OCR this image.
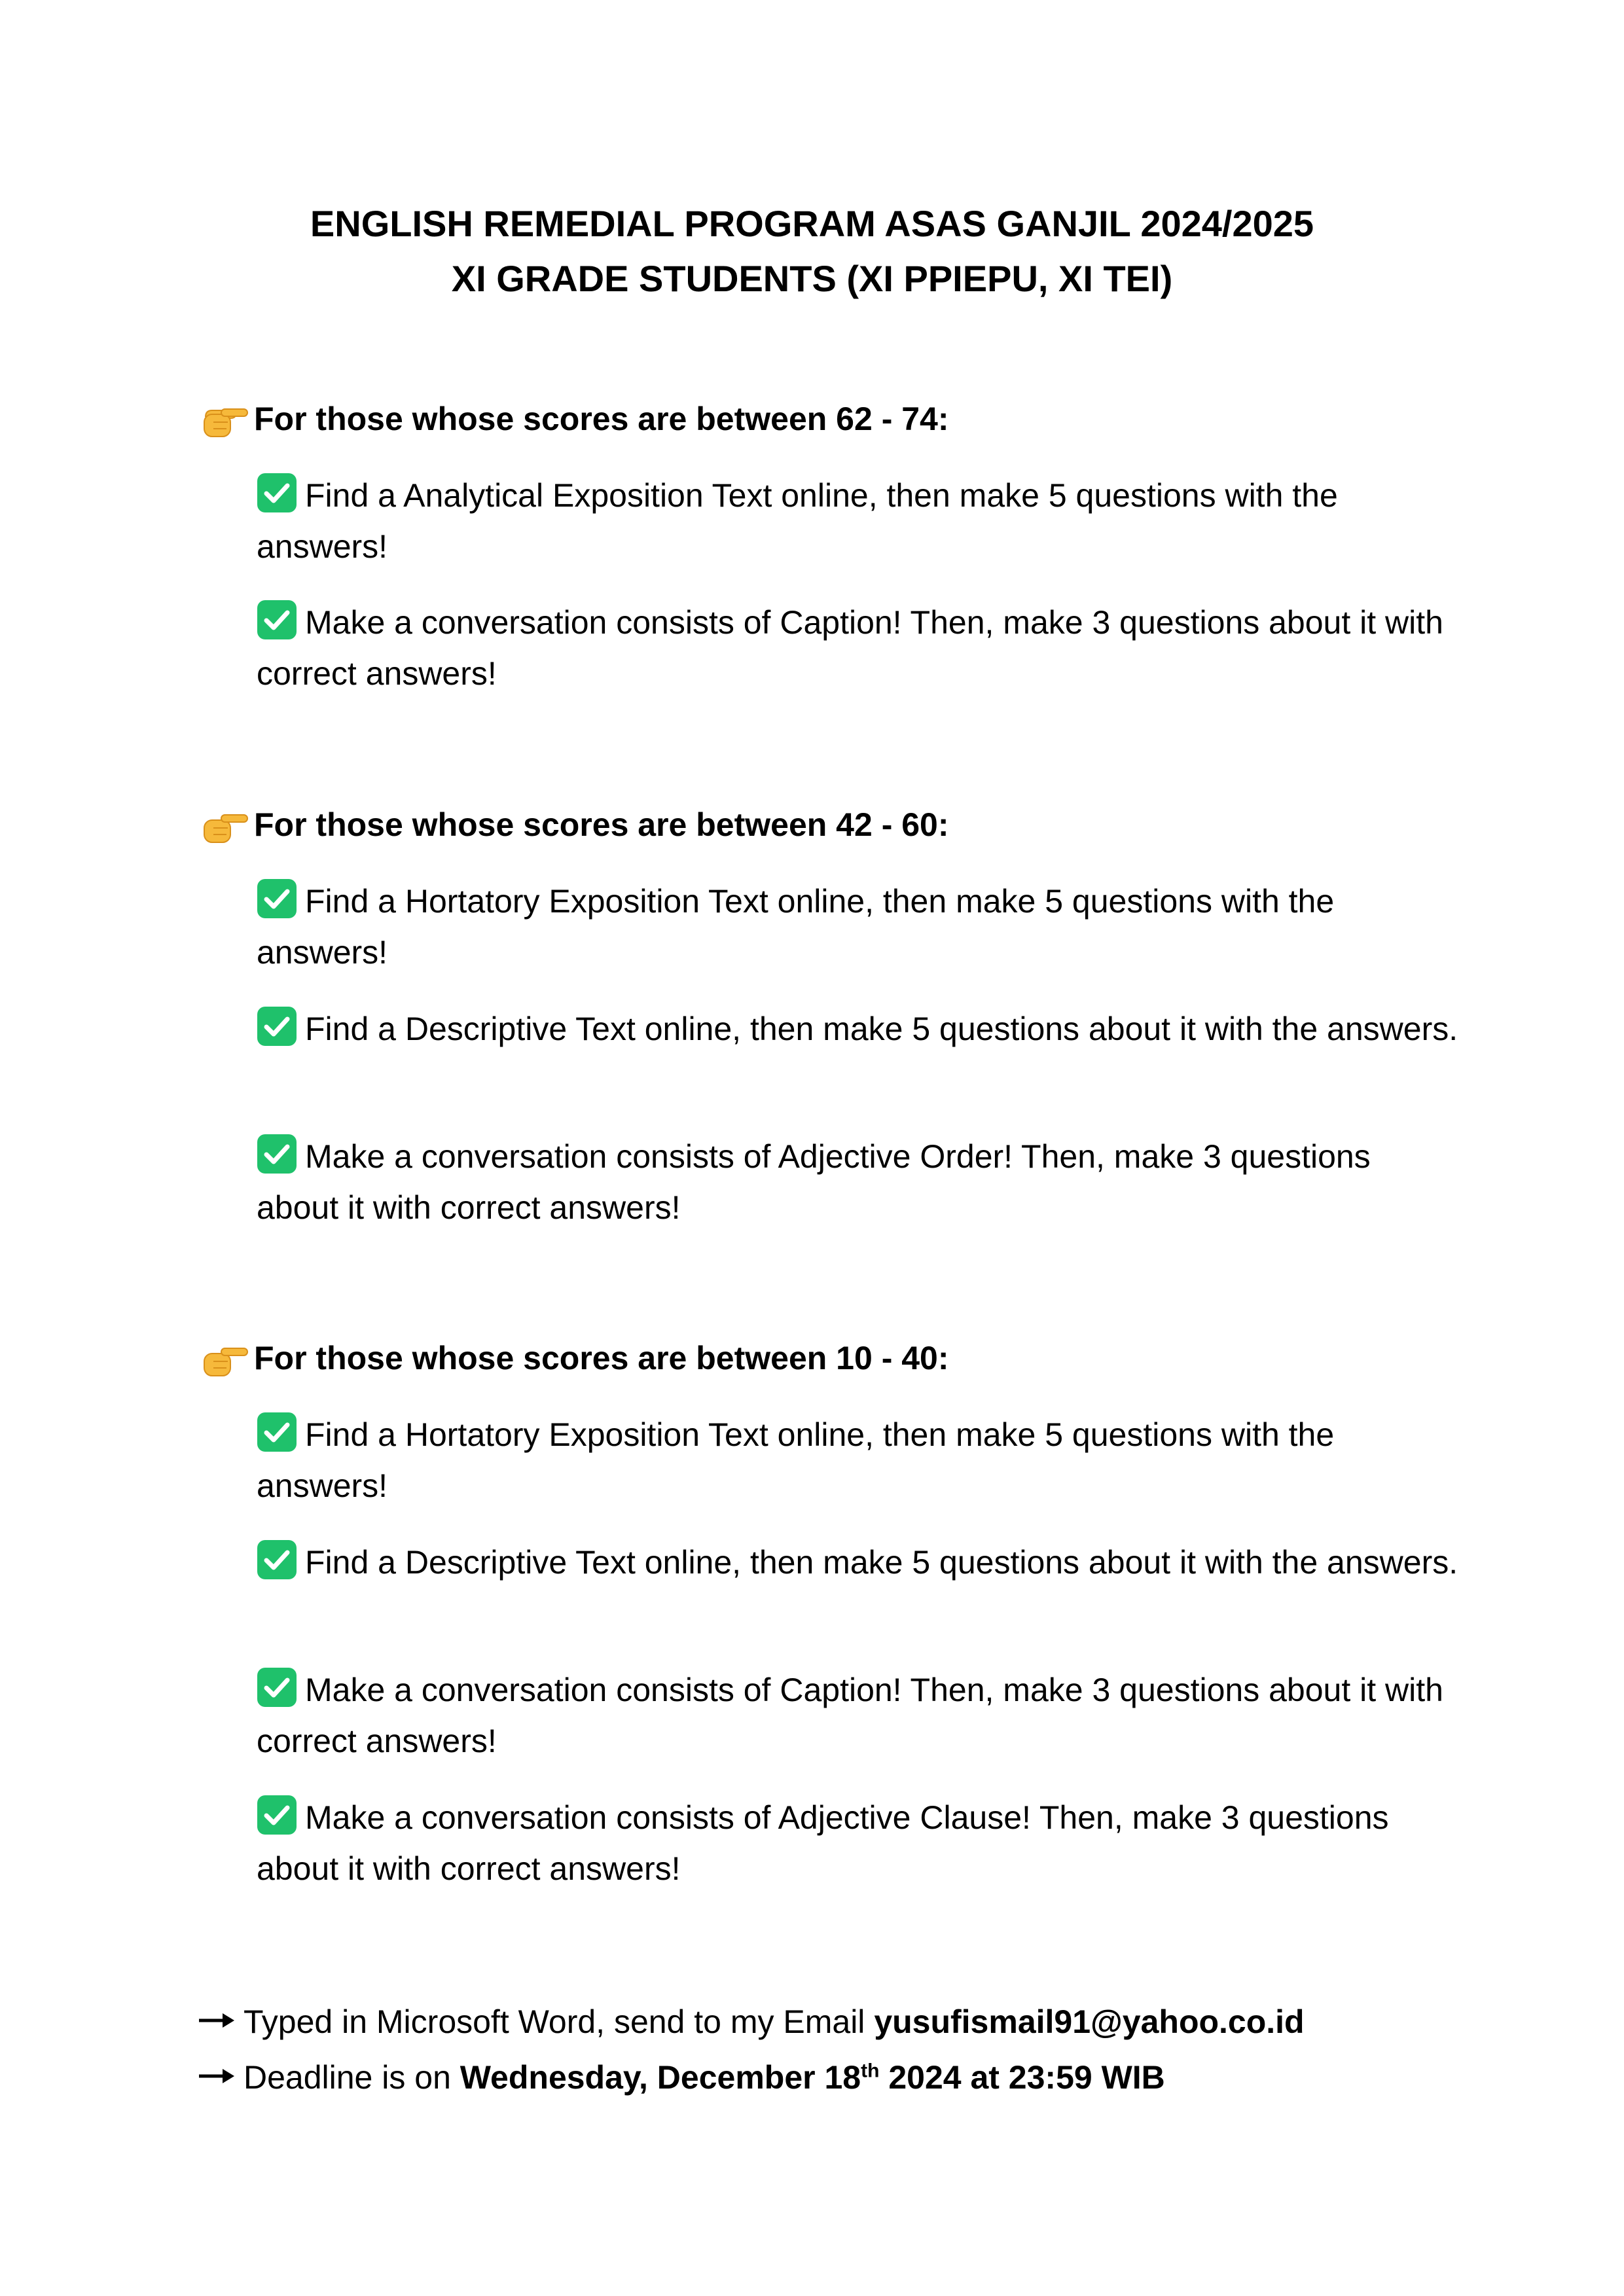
ENGLISH REMEDIAL PROGRAM ASAS GANJIL 2024/2025
XI GRADE STUDENTS (XI PPIEPU, XI TEI)
For those whose scores are between 62 - 74:
Find a Analytical Exposition Text online, then make 5 questions with the answers!
Make a conversation consists of Caption! Then, make 3 questions about it with correct answers!
For those whose scores are between 42 - 60:
Find a Hortatory Exposition Text online, then make 5 questions with the answers!
Find a Descriptive Text online, then make 5 questions about it with the answers.
Make a conversation consists of Adjective Order! Then, make 3 questions about it with correct answers!
For those whose scores are between 10 - 40:
Find a Hortatory Exposition Text online, then make 5 questions with the answers!
Find a Descriptive Text online, then make 5 questions about it with the answers.
Make a conversation consists of Caption! Then, make 3 questions about it with correct answers!
Make a conversation consists of Adjective Clause! Then, make 3 questions about it with correct answers!
Typed in Microsoft Word, send to my Email yusufismail91@yahoo.co.id
Deadline is on Wednesday, December 18th 2024 at 23:59 WIB
